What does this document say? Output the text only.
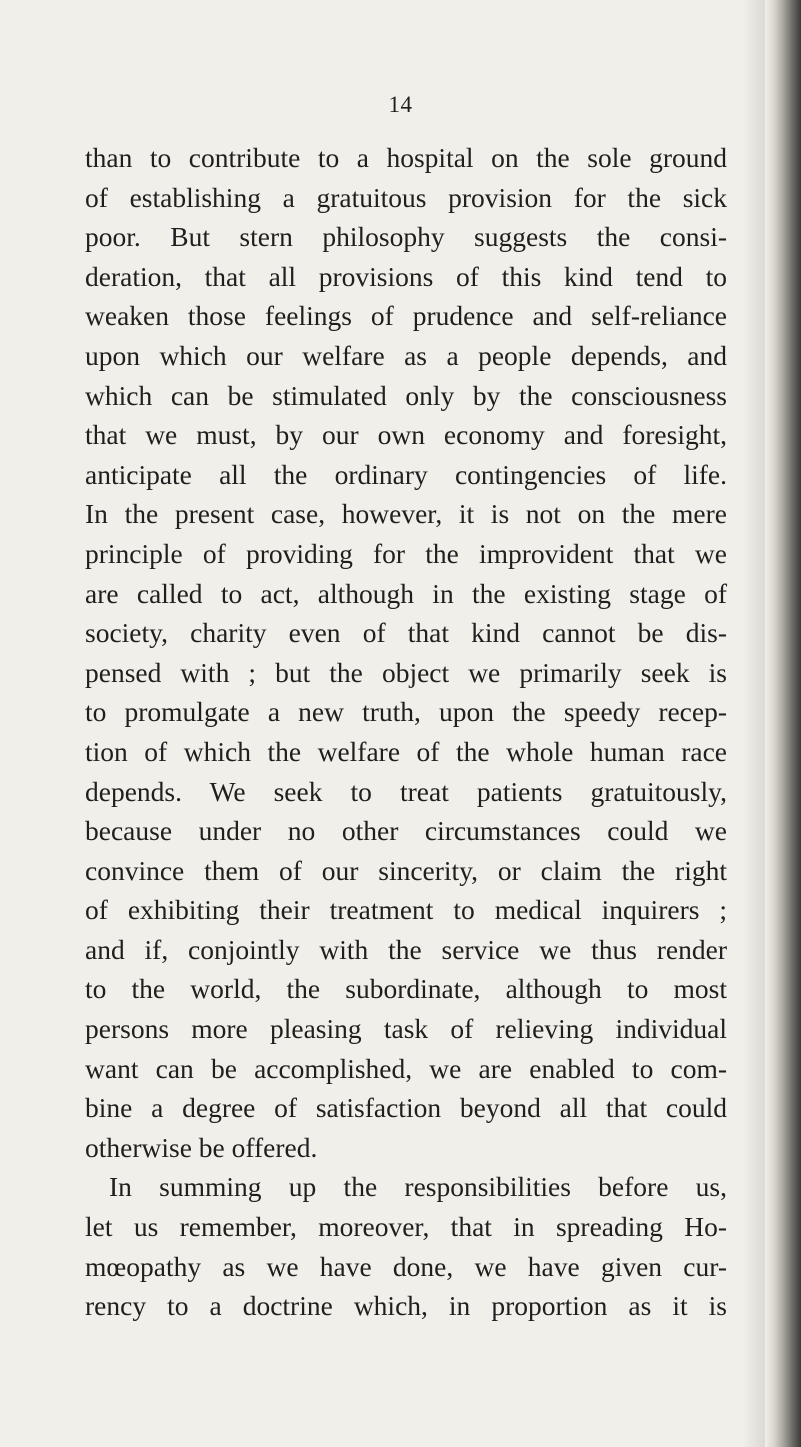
14
than to contribute to a hospital on the sole ground
of establishing a gratuitous provision for the sick
poor. But stern philosophy suggests the consi-
deration, that all provisions of this kind tend to
weaken those feelings of prudence and self-reliance
upon which our welfare as a people depends, and
which can be stimulated only by the consciousness
that we must, by our own economy and foresight,
anticipate all the ordinary contingencies of life.
In the present case, however, it is not on the mere
principle of providing for the improvident that we
are called to act, although in the existing stage of
society, charity even of that kind cannot be dis-
pensed with ; but the object we primarily seek is
to promulgate a new truth, upon the speedy recep-
tion of which the welfare of the whole human race
depends. We seek to treat patients gratuitously,
because under no other circumstances could we
convince them of our sincerity, or claim the right
of exhibiting their treatment to medical inquirers ;
and if, conjointly with the service we thus render
to the world, the subordinate, although to most
persons more pleasing task of relieving individual
want can be accomplished, we are enabled to com-
bine a degree of satisfaction beyond all that could
otherwise be offered.
In summing up the responsibilities before us,
let us remember, moreover, that in spreading Ho-
mœopathy as we have done, we have given cur-
rency to a doctrine which, in proportion as it is
